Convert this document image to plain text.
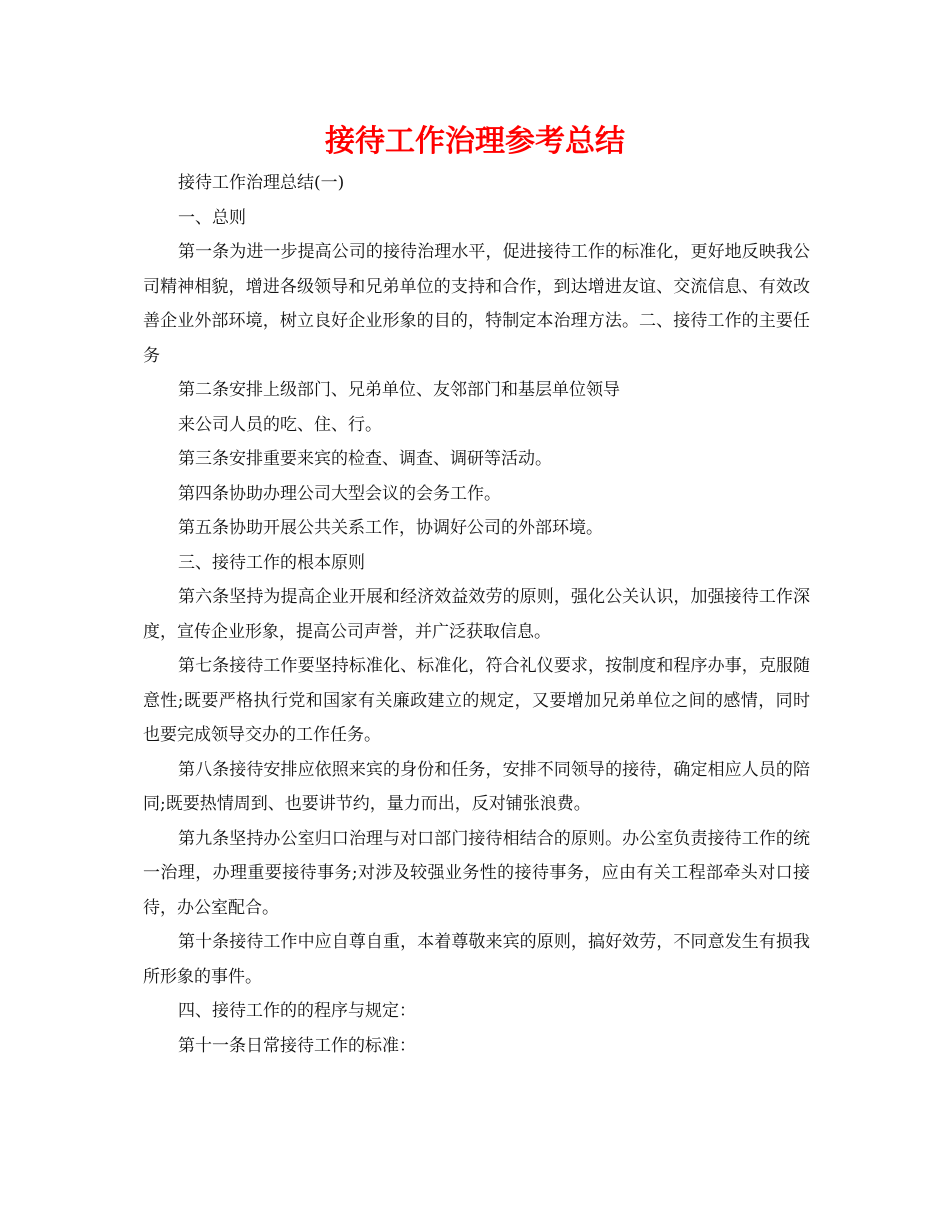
接待工作治理参考总结

接待工作治理总结(一)

一、总则

第一条为进一步提高公司的接待治理水平，促进接待工作的标准化，更好地反映我公司精神相貌，增进各级领导和兄弟单位的支持和合作，到达增进友谊、交流信息、有效改善企业外部环境，树立良好企业形象的目的，特制定本治理方法。二、接待工作的主要任务

第二条安排上级部门、兄弟单位、友邻部门和基层单位领导

来公司人员的吃、住、行。

第三条安排重要来宾的检查、调查、调研等活动。

第四条协助办理公司大型会议的会务工作。

第五条协助开展公共关系工作，协调好公司的外部环境。

三、接待工作的根本原则

第六条坚持为提高企业开展和经济效益效劳的原则，强化公关认识，加强接待工作深度，宣传企业形象，提高公司声誉，并广泛获取信息。

第七条接待工作要坚持标准化、标准化，符合礼仪要求，按制度和程序办事，克服随意性;既要严格执行党和国家有关廉政建立的规定，又要增加兄弟单位之间的感情，同时也要完成领导交办的工作任务。

第八条接待安排应依照来宾的身份和任务，安排不同领导的接待，确定相应人员的陪同;既要热情周到、也要讲节约，量力而出，反对铺张浪费。

第九条坚持办公室归口治理与对口部门接待相结合的原则。办公室负责接待工作的统一治理，办理重要接待事务;对涉及较强业务性的接待事务，应由有关工程部牵头对口接待，办公室配合。

第十条接待工作中应自尊自重，本着尊敬来宾的原则，搞好效劳，不同意发生有损我所形象的事件。

四、接待工作的的程序与规定：

第十一条日常接待工作的标准：
